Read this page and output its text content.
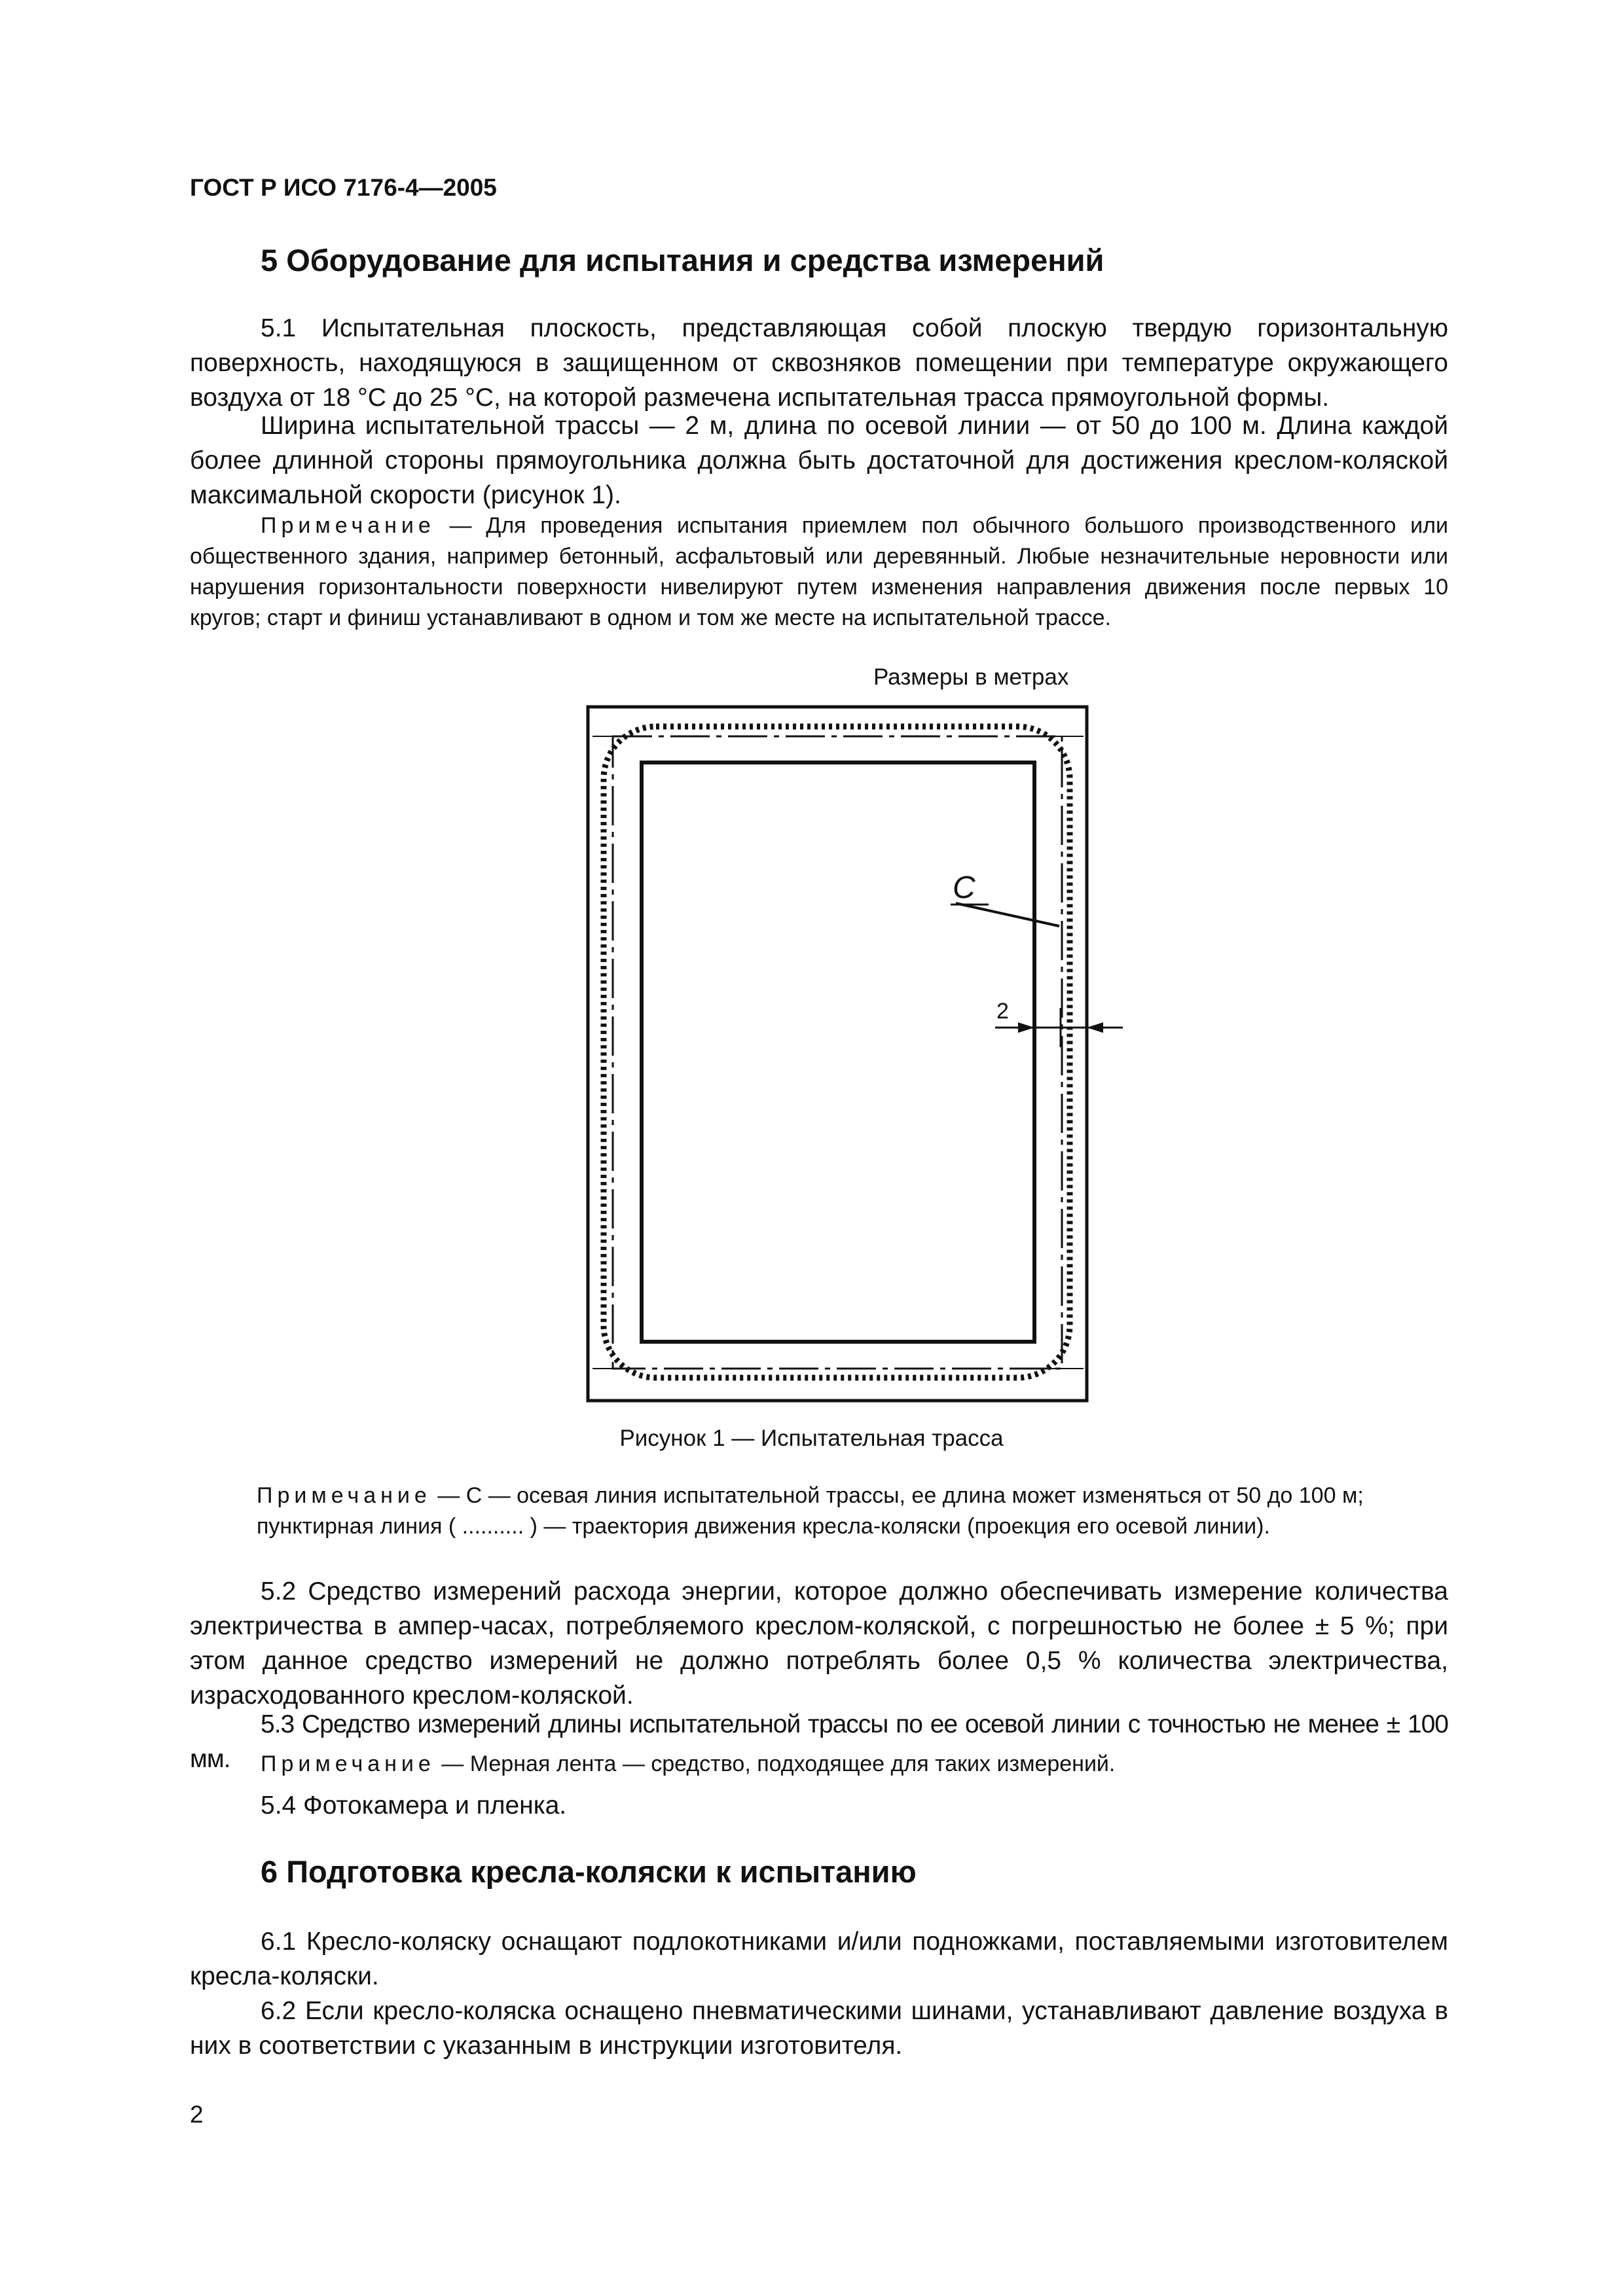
ГОСТ Р ИСО 7176-4—2005
5 Оборудование для испытания и средства измерений

5.1 Испытательная плоскость, представляющая собой плоскую твердую горизонтальную поверхность, находящуюся в защищенном от сквозняков помещении при температуре окружающего воздуха от 18 °С до 25 °С, на которой размечена испытательная трасса прямоугольной формы.

Ширина испытательной трассы — 2 м, длина по осевой линии — от 50 до 100 м. Длина каждой более длинной стороны прямоугольника должна быть достаточной для достижения креслом-коляской максимальной скорости (рисунок 1).

Примечание — Для проведения испытания приемлем пол обычного большого производственного или общественного здания, например бетонный, асфальтовый или деревянный. Любые незначительные неровности или нарушения горизонтальности поверхности нивелируют путем изменения направления движения после первых 10 кругов; старт и финиш устанавливают в одном и том же месте на испытательной трассе.

Размеры в метрах
С
2
Рисунок 1 — Испытательная трасса
Примечание — С — осевая линия испытательной трассы, ее длина может изменяться от 50 до 100 м;
пунктирная линия ( .......... ) — траектория движения кресла-коляски (проекция его осевой линии).

5.2 Средство измерений расхода энергии, которое должно обеспечивать измерение количества электричества в ампер-часах, потребляемого креслом-коляской, с погрешностью не более ± 5 %; при этом данное средство измерений не должно потреблять более 0,5 % количества электричества, израсходованного креслом-коляской.

5.3 Средство измерений длины испытательной трассы по ее осевой линии с точностью не менее ± 100 мм.	Примечание — Мерная лента — средство, подходящее для таких измерений.

5.4 Фотокамера и пленка.

6 Подготовка кресла-коляски к испытанию

6.1 Кресло-коляску оснащают подлокотниками и/или подножками, поставляемыми изготовителем кресла-коляски.

6.2 Если кресло-коляска оснащено пневматическими шинами, устанавливают давление воздуха в них в соответствии с указанным в инструкции изготовителя.

2
